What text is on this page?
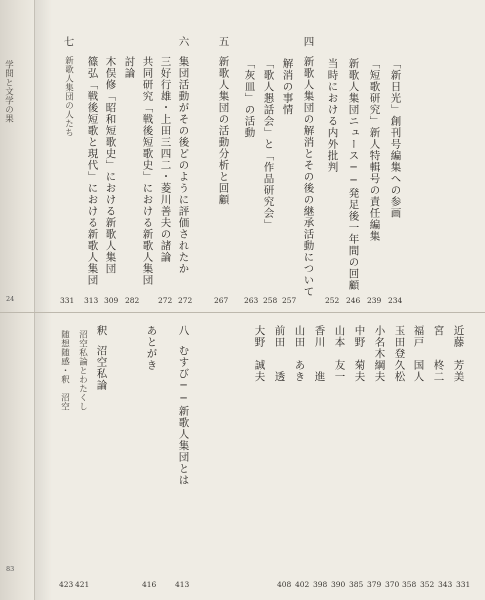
学問と文学の果
24
83
四
新歌人集団の解消とその後の継承活動について	「新日光」創刊号編集への参画
234
「短歌研究」新人特輯号の責任編集
239
新歌人集団ニュース──発足後一年間の回顧
246
当時における内外批判
252
五
新歌人集団の活動分析と回顧
267
解消の事情
257
「歌人懇話会」と「作品研究会」
258
「灰皿」の活動
263
六
集団活動がその後どのように評価されたか
三好行雄・上田三四二・菱川善夫の諸論
272
共同研究「戦後短歌史」における新歌人集団
272
討論
282
七
新歌人集団の人たち
331
木俣修「昭和短歌史」における新歌人集団
313
篠弘「戦後短歌と現代」における新歌人集団
309
近藤　芳美
331
宮　　柊二
343
福戸　国人
352
玉田登久松
358
小名木綱夫
370
中野　菊夫
379
山本　友一
385
香川　　進
390
山田　あき
398
前田　　透
402
大野　誠夫
408
八
むすび──新歌人集団とは
413
あとがき
416
釈
沼空私論
沼空私論とわたくし
421
随想随感・釈　沼空
423
